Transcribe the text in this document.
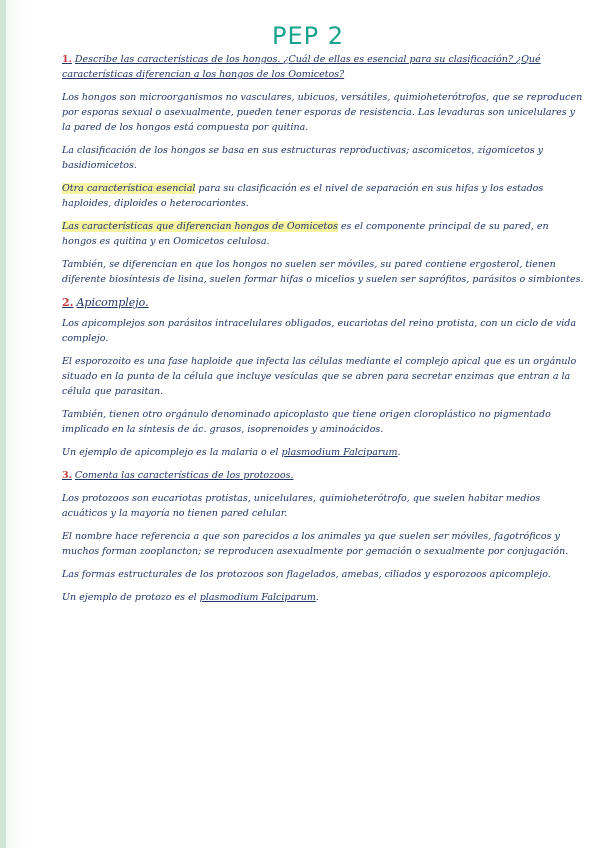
PEP 2
1. Describe las características de los hongos. ¿Cuál de ellas es esencial para su clasificación? ¿Qué características diferencian a los hongos de los Oomicetos?

Los hongos son microorganismos no vasculares, ubicuos, versátiles, quimioheterótrofos, que se reproducen por esporas sexual o asexualmente, pueden tener esporas de resistencia. Las levaduras son unicelulares y la pared de los hongos está compuesta por quitina.

La clasificación de los hongos se basa en sus estructuras reproductivas; ascomicetos, zigomicetos y basidiomicetos.

Otra característica esencial para su clasificación es el nivel de separación en sus hifas y los estados haploides, diploides o heterocariontes.

Las características que diferencian hongos de Oomicetos es el componente principal de su pared, en hongos es quitina y en Oomicetos celulosa.

También, se diferencian en que los hongos no suelen ser móviles, su pared contiene ergosterol, tienen diferente biosíntesis de lisina, suelen formar hifas o micelios y suelen ser saprófitos, parásitos o simbiontes.

2. Apicomplejo.

Los apicomplejos son parásitos intracelulares obligados, eucariotas del reino protista, con un ciclo de vida complejo.

El esporozoito es una fase haploide que infecta las células mediante el complejo apical que es un orgánulo situado en la punta de la célula que incluye vesículas que se abren para secretar enzimas que entran a la célula que parasitan.

También, tienen otro orgánulo denominado apicoplasto que tiene origen cloroplástico no pigmentado implicado en la síntesis de ác. grasos, isoprenoides y aminoácidos.

Un ejemplo de apicomplejo es la malaria o el plasmodium Falciparum.

3. Comenta las características de los protozoos.

Los protozoos son eucariotas protistas, unicelulares, quimioheterótrofo, que suelen habitar medios acuáticos y la mayoría no tienen pared celular.

El nombre hace referencia a que son parecidos a los animales ya que suelen ser móviles, fagotróficos y muchos forman zooplancton; se reproducen asexualmente por gemación o sexualmente por conjugación.

Las formas estructurales de los protozoos son flagelados, amebas, ciliados y esporozoos apicomplejo.

Un ejemplo de protozo es el plasmodium Falciparum.
